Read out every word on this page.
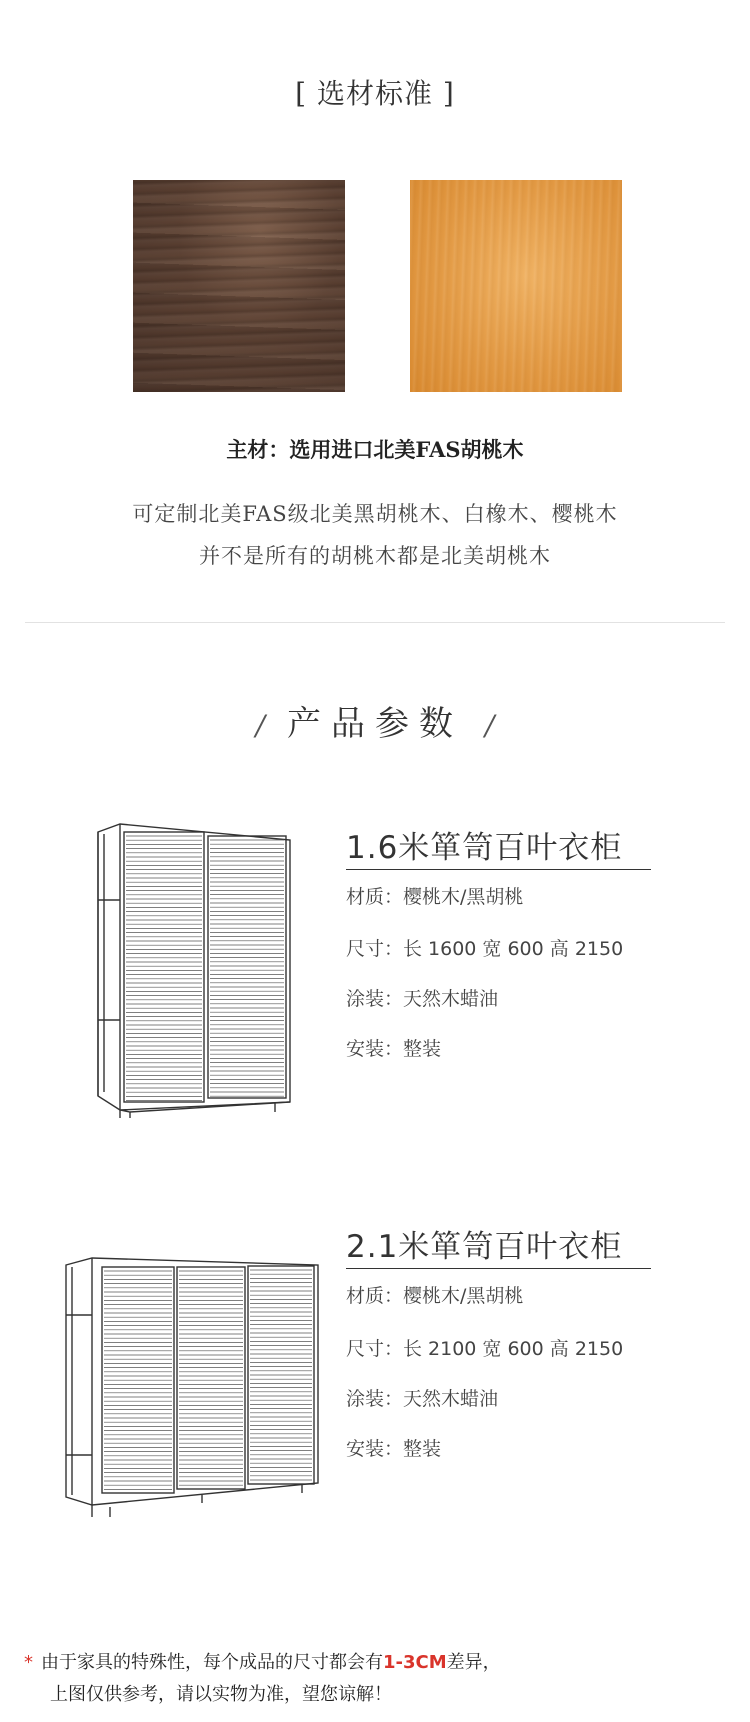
[ 选材标准 ]
主材：选用进口北美FAS胡桃木
可定制北美FAS级北美黑胡桃木、白橡木、樱桃木
并不是所有的胡桃木都是北美胡桃木
/ 产品参数 /
1.6米箪笥百叶衣柜
材质：樱桃木/黑胡桃
尺寸：长 1600 宽 600 高 2150
涂装：天然木蜡油
安装：整装
2.1米箪笥百叶衣柜
材质：樱桃木/黑胡桃
尺寸：长 2100 宽 600 高 2150
涂装：天然木蜡油
安装：整装
* 由于家具的特殊性，每个成品的尺寸都会有1-3CM差异，
上图仅供参考，请以实物为准，望您谅解！
